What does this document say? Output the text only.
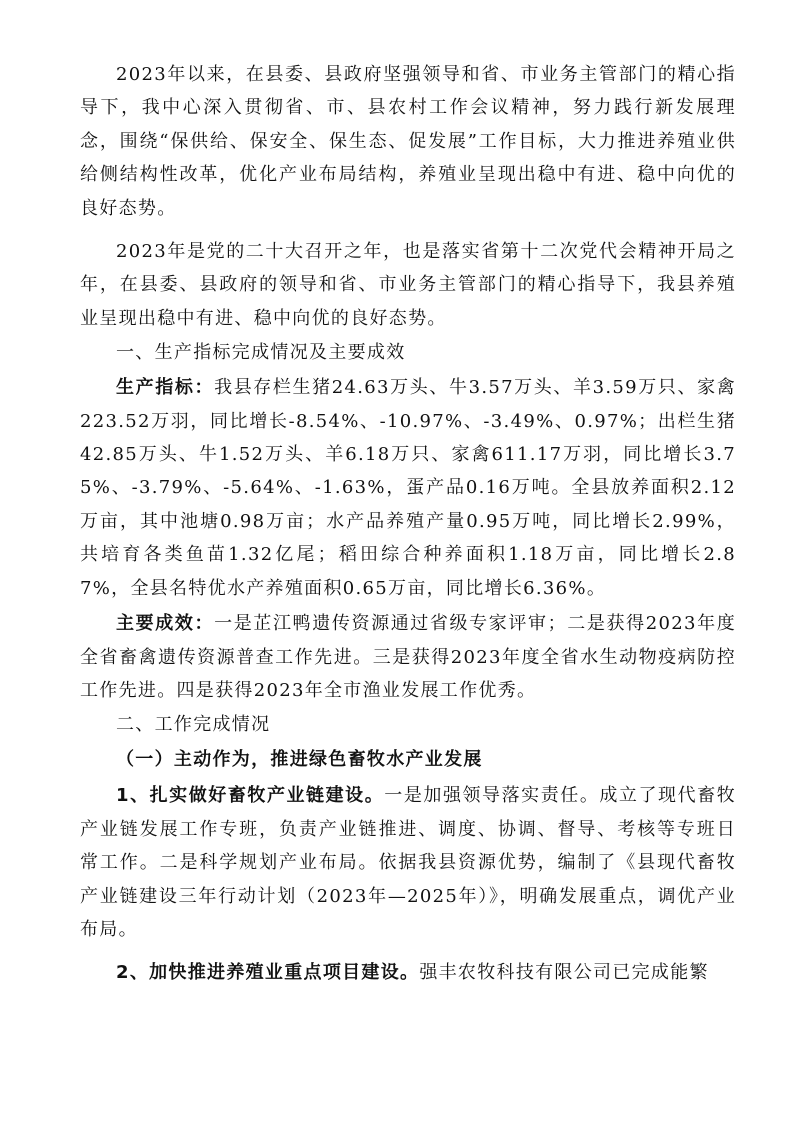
2023年以来，在县委、县政府坚强领导和省、市业务主管部门的精心指导下，我中心深入贯彻省、市、县农村工作会议精神，努力践行新发展理念，围绕“保供给、保安全、保生态、促发展”工作目标，大力推进养殖业供给侧结构性改革，优化产业布局结构，养殖业呈现出稳中有进、稳中向优的良好态势。

2023年是党的二十大召开之年，也是落实省第十二次党代会精神开局之年，在县委、县政府的领导和省、市业务主管部门的精心指导下，我县养殖业呈现出稳中有进、稳中向优的良好态势。

一、生产指标完成情况及主要成效

生产指标：我县存栏生猪24.63万头、牛3.57万头、羊3.59万只、家禽223.52万羽，同比增长-8.54%、-10.97%、-3.49%、0.97%；出栏生猪42.85万头、牛1.52万头、羊6.18万只、家禽611.17万羽，同比增长3.75%、-3.79%、-5.64%、-1.63%，蛋产品0.16万吨。全县放养面积2.12万亩，其中池塘0.98万亩；水产品养殖产量0.95万吨，同比增长2.99%，共培育各类鱼苗1.32亿尾；稻田综合种养面积1.18万亩，同比增长2.87%，全县名特优水产养殖面积0.65万亩，同比增长6.36%。

主要成效：一是芷江鸭遗传资源通过省级专家评审；二是获得2023年度全省畜禽遗传资源普查工作先进。三是获得2023年度全省水生动物疫病防控工作先进。四是获得2023年全市渔业发展工作优秀。

二、工作完成情况

（一）主动作为，推进绿色畜牧水产业发展

1、扎实做好畜牧产业链建设。一是加强领导落实责任。成立了现代畜牧产业链发展工作专班，负责产业链推进、调度、协调、督导、考核等专班日常工作。二是科学规划产业布局。依据我县资源优势，编制了《县现代畜牧产业链建设三年行动计划（2023年—2025年）》，明确发展重点，调优产业布局。

2、加快推进养殖业重点项目建设。强丰农牧科技有限公司已完成能繁
